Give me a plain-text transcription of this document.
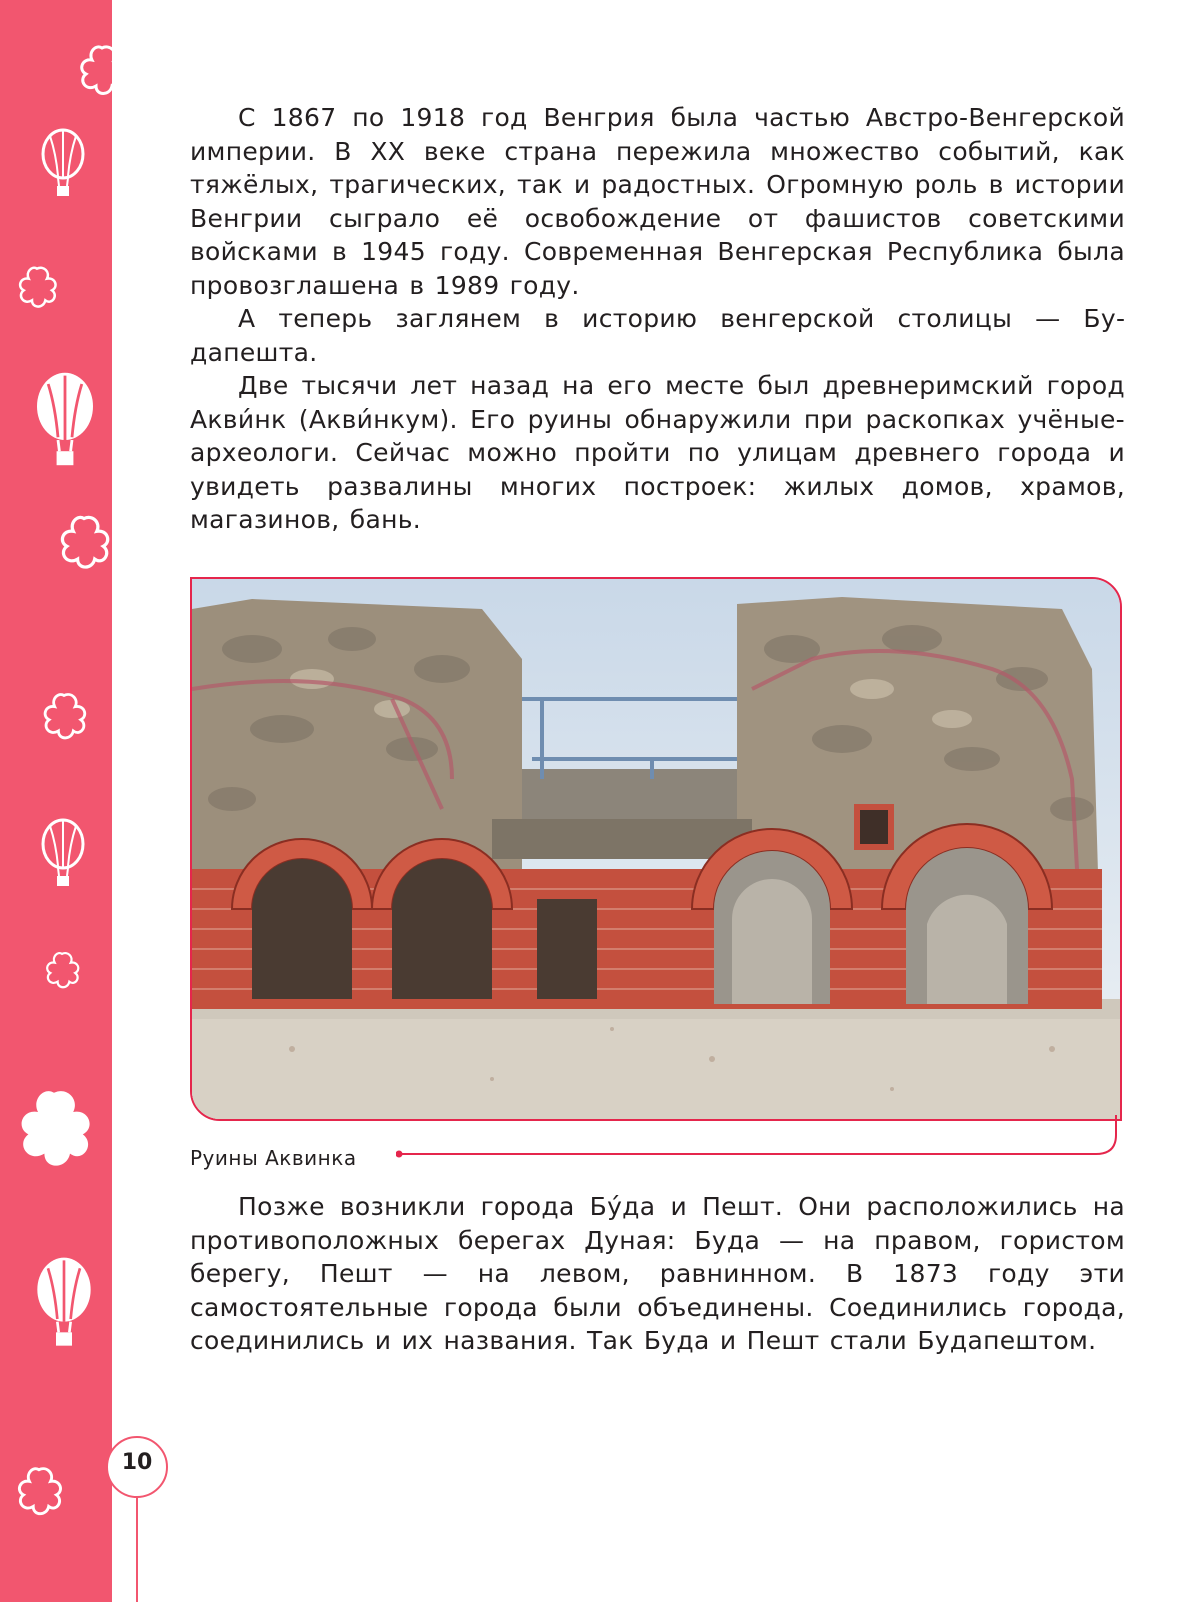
С 1867 по 1918 год Венгрия была частью Австро-Венгерской империи. В XX веке страна пережила множество событий, как тяжёлых, трагических, так и радостных. Огромную роль в истории Венгрии сыграло её освобождение от фашистов советскими войсками в 1945 году. Современная Венгерская Республика была провозглашена в 1989 году.

А теперь заглянем в историю венгерской столицы — Будапешта.

Две тысячи лет назад на его месте был древнеримский город Акви́нк (Акви́нкум). Его руины обнаружили при раскопках учёные-археологи. Сейчас можно пройти по улицам древнего города и увидеть развалины многих построек: жилых домов, храмов, магазинов, бань.

Руины Аквинка

Позже возникли города Бу́да и Пешт. Они расположились на противоположных берегах Дуная: Буда — на правом, гористом берегу, Пешт — на левом, равнинном. В 1873 году эти самостоятельные города были объединены. Соединились города, соединились и их названия. Так Буда и Пешт стали Будапештом.

10
